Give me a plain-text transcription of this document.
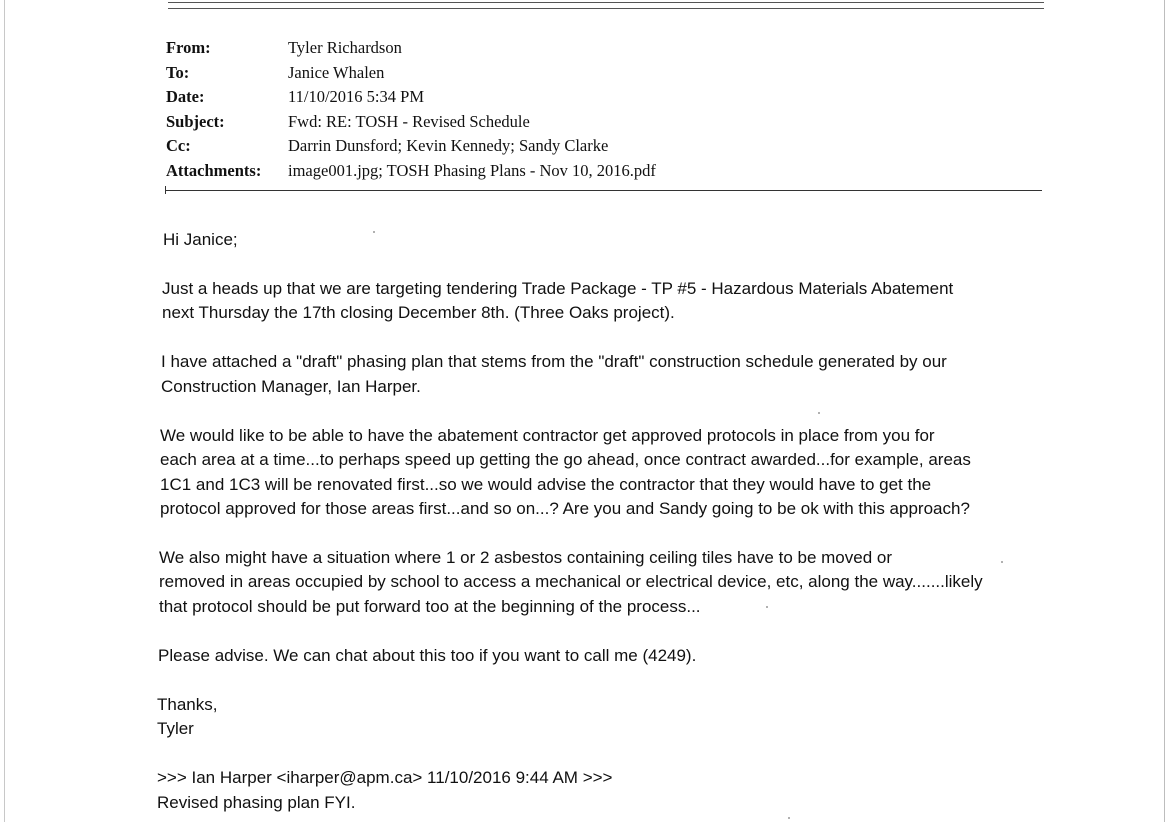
From:	Tyler Richardson
To:	Janice Whalen
Date:	11/10/2016 5:34 PM
Subject:	Fwd: RE: TOSH - Revised Schedule
Cc:	Darrin Dunsford; Kevin Kennedy; Sandy Clarke
Attachments:	image001.jpg; TOSH Phasing Plans - Nov 10, 2016.pdf

Hi Janice;

Just a heads up that we are targeting tendering Trade Package - TP #5 - Hazardous Materials Abatement
next Thursday the 17th closing December 8th. (Three Oaks project).

I have attached a "draft" phasing plan that stems from the "draft" construction schedule generated by our
Construction Manager, Ian Harper.

We would like to be able to have the abatement contractor get approved protocols in place from you for
each area at a time...to perhaps speed up getting the go ahead, once contract awarded...for example, areas
1C1 and 1C3 will be renovated first...so we would advise the contractor that they would have to get the
protocol approved for those areas first...and so on...? Are you and Sandy going to be ok with this approach?

We also might have a situation where 1 or 2 asbestos containing ceiling tiles have to be moved or
removed in areas occupied by school to access a mechanical or electrical device, etc, along the way.......likely
that protocol should be put forward too at the beginning of the process...

Please advise. We can chat about this too if you want to call me (4249).

Thanks,
Tyler

>>> Ian Harper <iharper@apm.ca> 11/10/2016 9:44 AM >>>

Revised phasing plan FYI.
